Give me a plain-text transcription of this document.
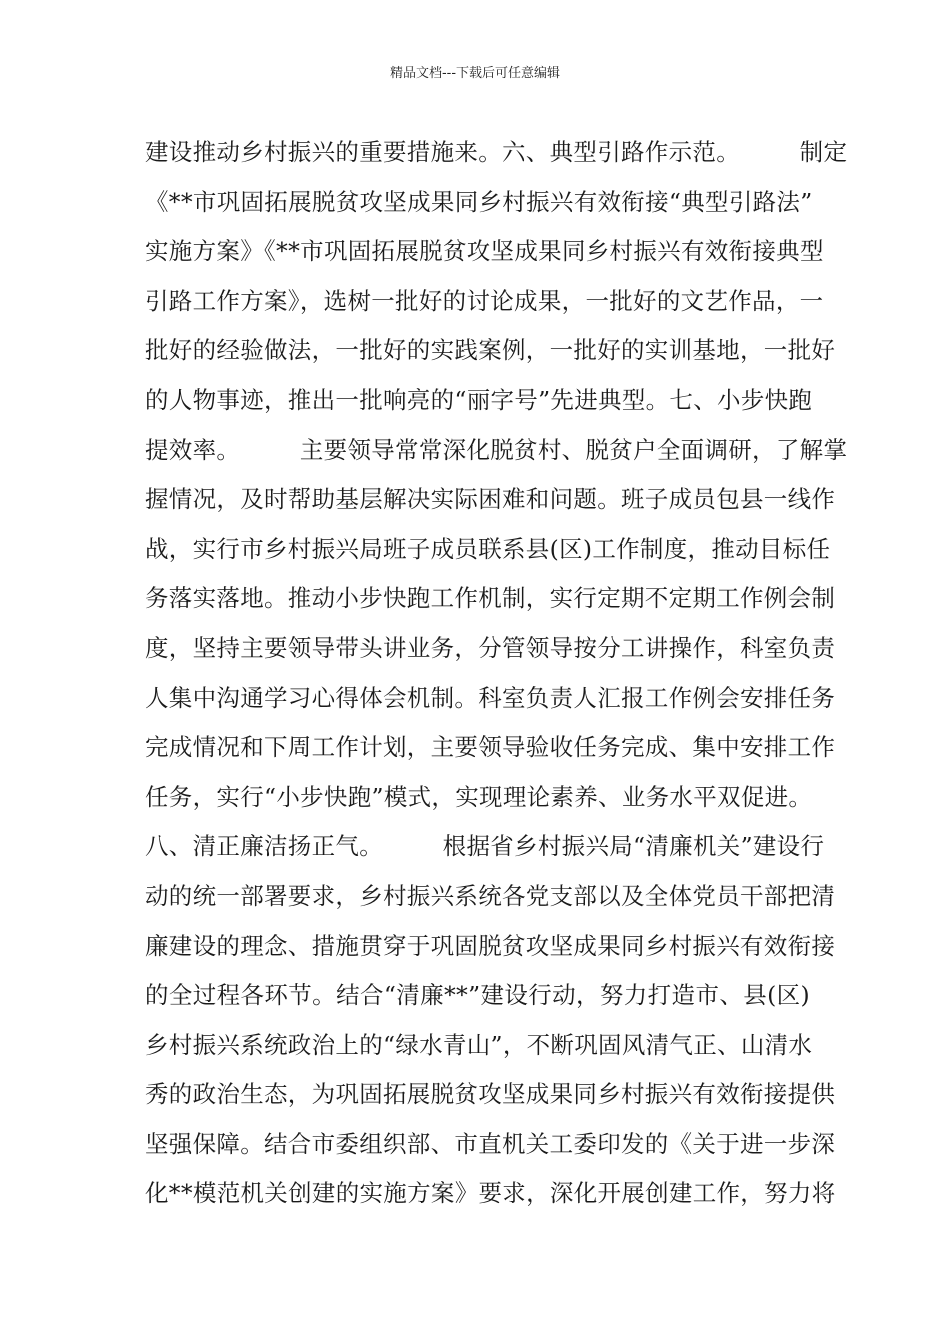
精品文档---下载后可任意编辑
建设推动乡村振兴的重要措施来。六、典型引路作示范。　　　制定
《**市巩固拓展脱贫攻坚成果同乡村振兴有效衔接“典型引路法”
实施方案》《**市巩固拓展脱贫攻坚成果同乡村振兴有效衔接典型
引路工作方案》，选树一批好的讨论成果，一批好的文艺作品，一
批好的经验做法，一批好的实践案例，一批好的实训基地，一批好
的人物事迹，推出一批响亮的“丽字号”先进典型。七、小步快跑
提效率。　　　主要领导常常深化脱贫村、脱贫户全面调研，了解掌
握情况，及时帮助基层解决实际困难和问题。班子成员包县一线作
战，实行市乡村振兴局班子成员联系县(区)工作制度，推动目标任
务落实落地。推动小步快跑工作机制，实行定期不定期工作例会制
度，坚持主要领导带头讲业务，分管领导按分工讲操作，科室负责
人集中沟通学习心得体会机制。科室负责人汇报工作例会安排任务
完成情况和下周工作计划，主要领导验收任务完成、集中安排工作
任务，实行“小步快跑”模式，实现理论素养、业务水平双促进。
八、清正廉洁扬正气。　　　根据省乡村振兴局“清廉机关”建设行
动的统一部署要求，乡村振兴系统各党支部以及全体党员干部把清
廉建设的理念、措施贯穿于巩固脱贫攻坚成果同乡村振兴有效衔接
的全过程各环节。结合“清廉**”建设行动，努力打造市、县(区)
乡村振兴系统政治上的“绿水青山”，不断巩固风清气正、山清水
秀的政治生态，为巩固拓展脱贫攻坚成果同乡村振兴有效衔接提供
坚强保障。结合市委组织部、市直机关工委印发的《关于进一步深
化**模范机关创建的实施方案》要求，深化开展创建工作，努力将
